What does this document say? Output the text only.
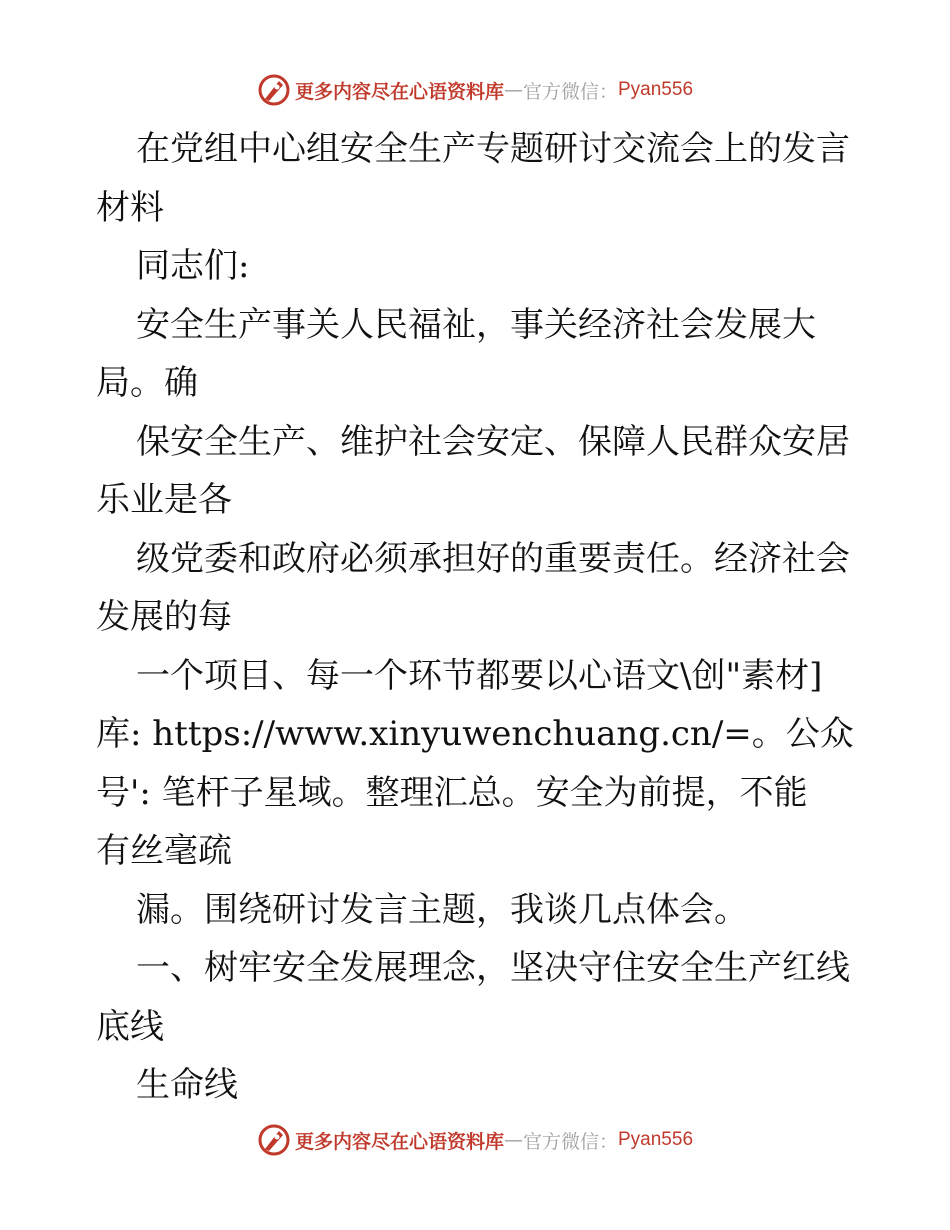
更多内容尽在心语资料库 — 官方微信： Pyan556
在党组中心组安全生产专题研讨交流会上的发言
材料
同志们:
安全生产事关人民福祉，事关经济社会发展大
局。确
保安全生产、维护社会安定、保障人民群众安居
乐业是各
级党委和政府必须承担好的重要责任。经济社会
发展的每
一个项目、每一个环节都要以心语文\创"素材]
库: https://www.xinyuwenchuang.cn/=。公众
号': 笔杆子星域。整理汇总。安全为前提，不能
有丝毫疏
漏。围绕研讨发言主题，我谈几点体会。
一、树牢安全发展理念，坚决守住安全生产红线
底线
生命线
更多内容尽在心语资料库 — 官方微信： Pyan556
